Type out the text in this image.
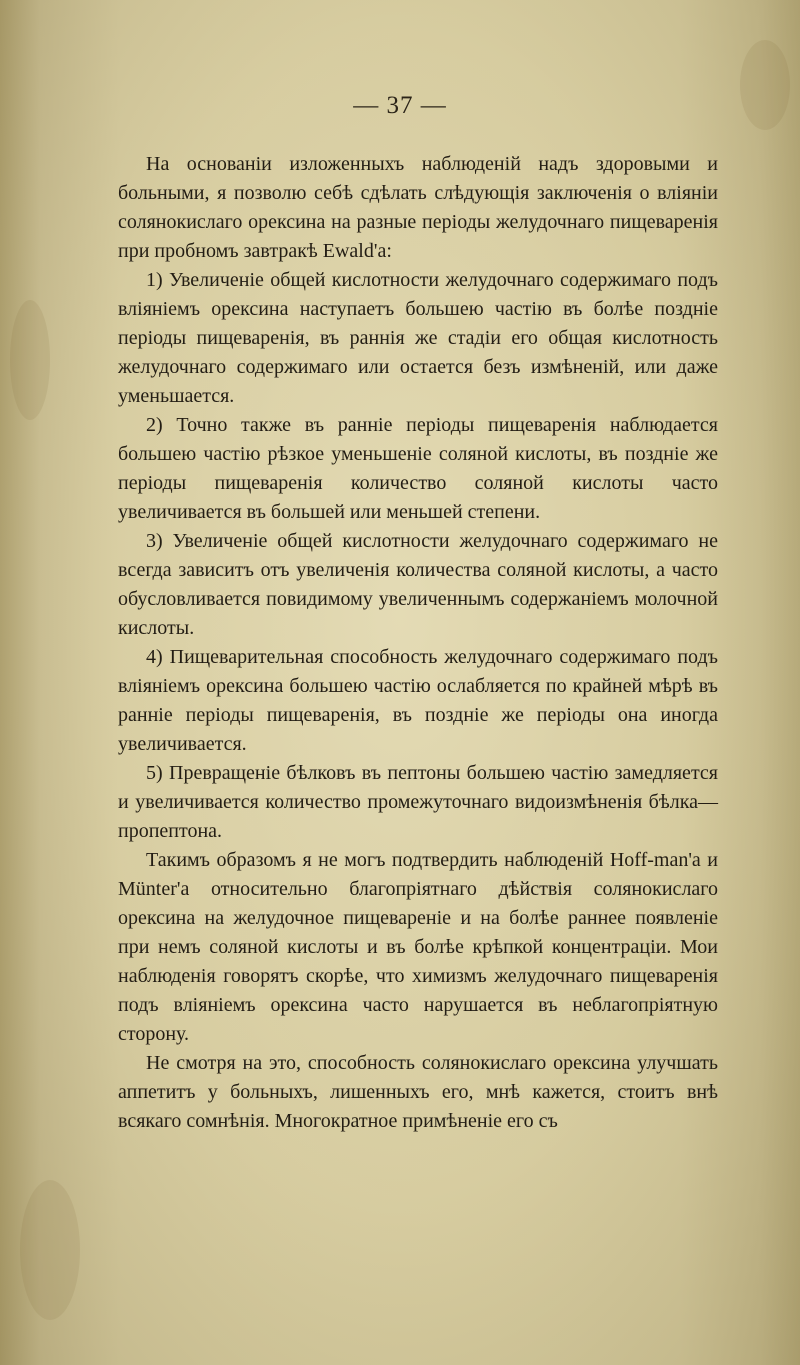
— 37 —

На основаніи изложенныхъ наблюденій надъ здоровыми и больными, я позволю себѣ сдѣлать слѣдующія заключенія о вліяніи солянокислаго орексина на разные періоды желудочнаго пищеваренія при пробномъ завтракѣ Ewald'а:

1) Увеличеніе общей кислотности желудочнаго содержимаго подъ вліяніемъ орексина наступаетъ большею частію въ болѣе поздніе періоды пищеваренія, въ раннія же стадіи его общая кислотность желудочнаго содержимаго или остается безъ измѣненій, или даже уменьшается.

2) Точно также въ ранніе періоды пищеваренія наблюдается большею частію рѣзкое уменьшеніе соляной кислоты, въ поздніе же періоды пищеваренія количество соляной кислоты часто увеличивается въ большей или меньшей степени.

3) Увеличеніе общей кислотности желудочнаго содержимаго не всегда зависитъ отъ увеличенія количества соляной кислоты, а часто обусловливается повидимому увеличеннымъ содержаніемъ молочной кислоты.

4) Пищеварительная способность желудочнаго содержимаго подъ вліяніемъ орексина большею частію ослабляется по крайней мѣрѣ въ ранніе періоды пищеваренія, въ поздніе же періоды она иногда увеличивается.

5) Превращеніе бѣлковъ въ пептоны большею частію замедляется и увеличивается количество промежуточнаго видоизмѣненія бѣлка—пропептона.

Такимъ образомъ я не могъ подтвердить наблюденій Hoff-man'а и Münter'а относительно благопріятнаго дѣйствія солянокислаго орексина на желудочное пищевареніе и на болѣе раннее появленіе при немъ соляной кислоты и въ болѣе крѣпкой концентраціи. Мои наблюденія говорятъ скорѣе, что химизмъ желудочнаго пищеваренія подъ вліяніемъ орексина часто нарушается въ неблагопріятную сторону.

Не смотря на это, способность солянокислаго орексина улучшать аппетитъ у больныхъ, лишенныхъ его, мнѣ кажется, стоитъ внѣ всякаго сомнѣнія. Многократное примѣненіе его съ
